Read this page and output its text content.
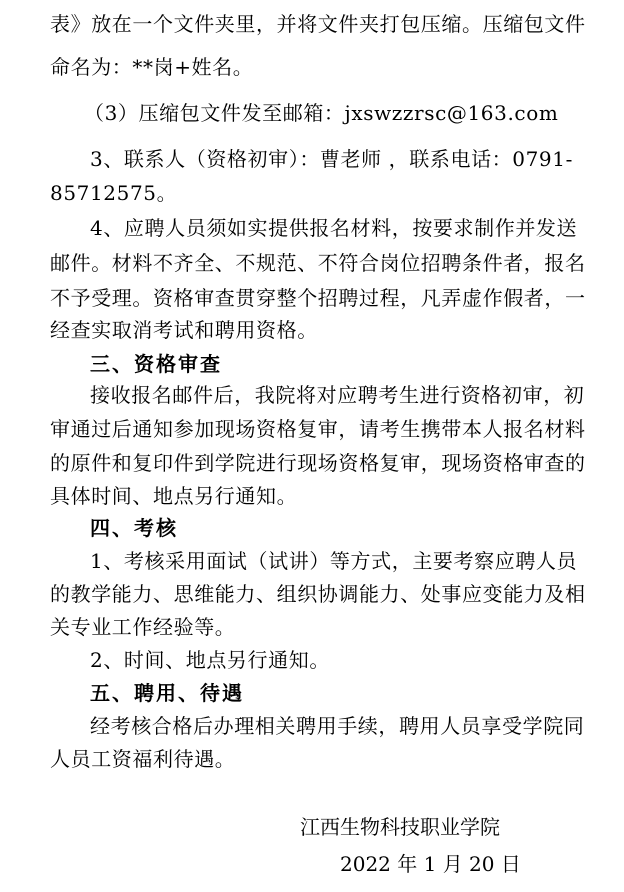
表》放在一个文件夹里，并将文件夹打包压缩。压缩包文件
命名为：**岗+姓名。
（3）压缩包文件发至邮箱：jxswzzrsc@163.com
3、联系人（资格初审）：曹老师 ，联系电话：0791-
85712575。
4、应聘人员须如实提供报名材料，按要求制作并发送
邮件。材料不齐全、不规范、不符合岗位招聘条件者，报名
不予受理。资格审查贯穿整个招聘过程，凡弄虚作假者，一
经查实取消考试和聘用资格。
三、资格审查
接收报名邮件后，我院将对应聘考生进行资格初审，初
审通过后通知参加现场资格复审，请考生携带本人报名材料
的原件和复印件到学院进行现场资格复审，现场资格审查的
具体时间、地点另行通知。
四、考核
1、考核采用面试（试讲）等方式，主要考察应聘人员
的教学能力、思维能力、组织协调能力、处事应变能力及相
关专业工作经验等。
2、时间、地点另行通知。
五、聘用、待遇
经考核合格后办理相关聘用手续，聘用人员享受学院同
人员工资福利待遇。
江西生物科技职业学院
2022 年 1 月 20 日
